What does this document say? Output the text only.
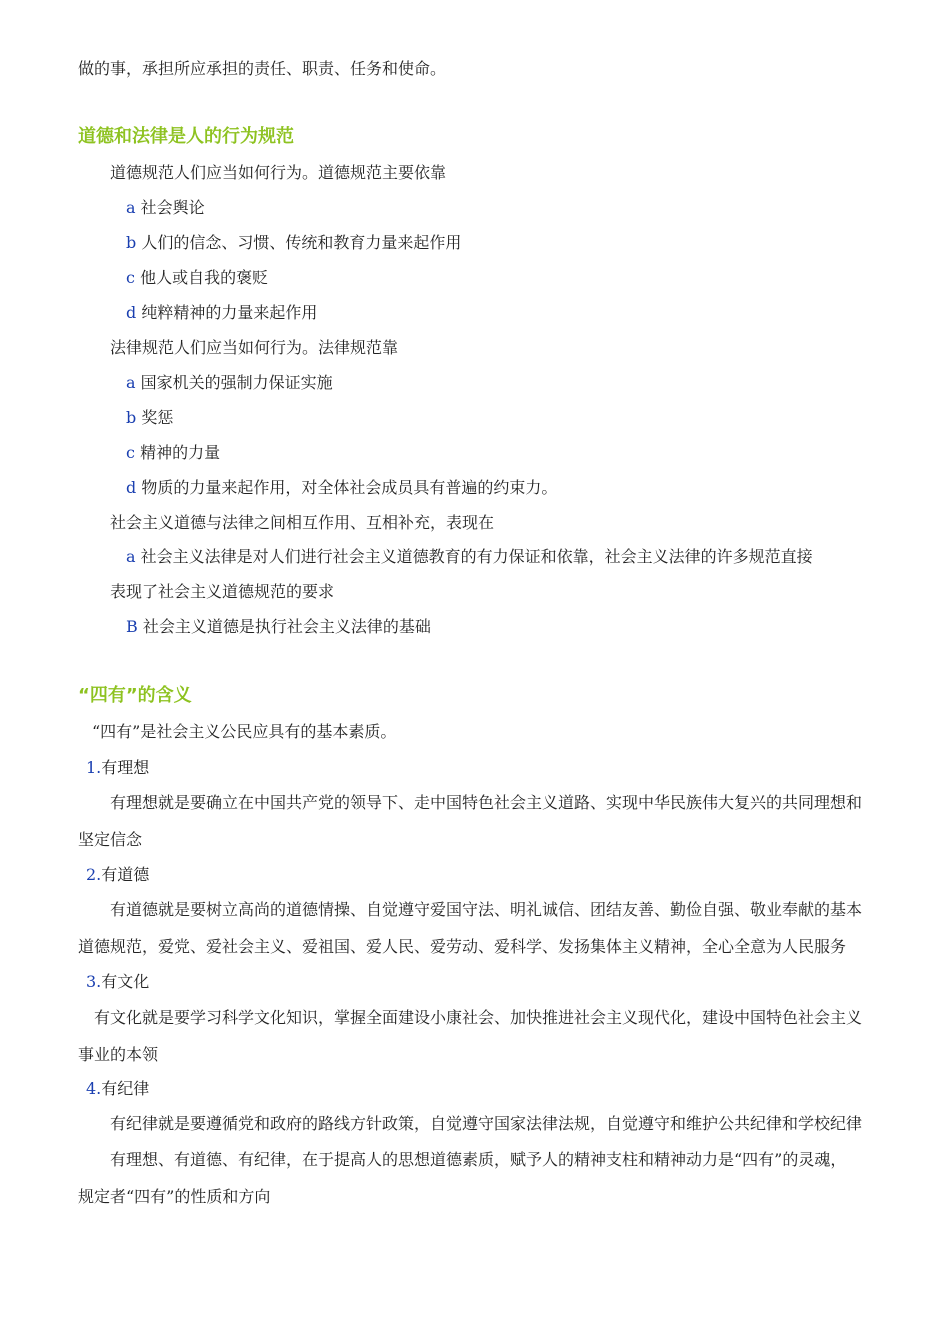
做的事，承担所应承担的责任、职责、任务和使命。
道德和法律是人的行为规范
道德规范人们应当如何行为。道德规范主要依靠
a 社会舆论
b 人们的信念、习惯、传统和教育力量来起作用
c 他人或自我的褒贬
d 纯粹精神的力量来起作用
法律规范人们应当如何行为。法律规范靠
a 国家机关的强制力保证实施
b 奖惩
c 精神的力量
d 物质的力量来起作用，对全体社会成员具有普遍的约束力。
社会主义道德与法律之间相互作用、互相补充，表现在
a 社会主义法律是对人们进行社会主义道德教育的有力保证和依靠，社会主义法律的许多规范直接
表现了社会主义道德规范的要求
B 社会主义道德是执行社会主义法律的基础
“四有”的含义
“四有”是社会主义公民应具有的基本素质。
1.有理想
有理想就是要确立在中国共产党的领导下、走中国特色社会主义道路、实现中华民族伟大复兴的共同理想和
坚定信念
2.有道德
有道德就是要树立高尚的道德情操、自觉遵守爱国守法、明礼诚信、团结友善、勤俭自强、敬业奉献的基本
道德规范，爱党、爱社会主义、爱祖国、爱人民、爱劳动、爱科学、发扬集体主义精神，全心全意为人民服务
3.有文化
有文化就是要学习科学文化知识，掌握全面建设小康社会、加快推进社会主义现代化，建设中国特色社会主义
事业的本领
4.有纪律
有纪律就是要遵循党和政府的路线方针政策，自觉遵守国家法律法规，自觉遵守和维护公共纪律和学校纪律
有理想、有道德、有纪律，在于提高人的思想道德素质，赋予人的精神支柱和精神动力是“四有”的灵魂，
规定者“四有”的性质和方向
